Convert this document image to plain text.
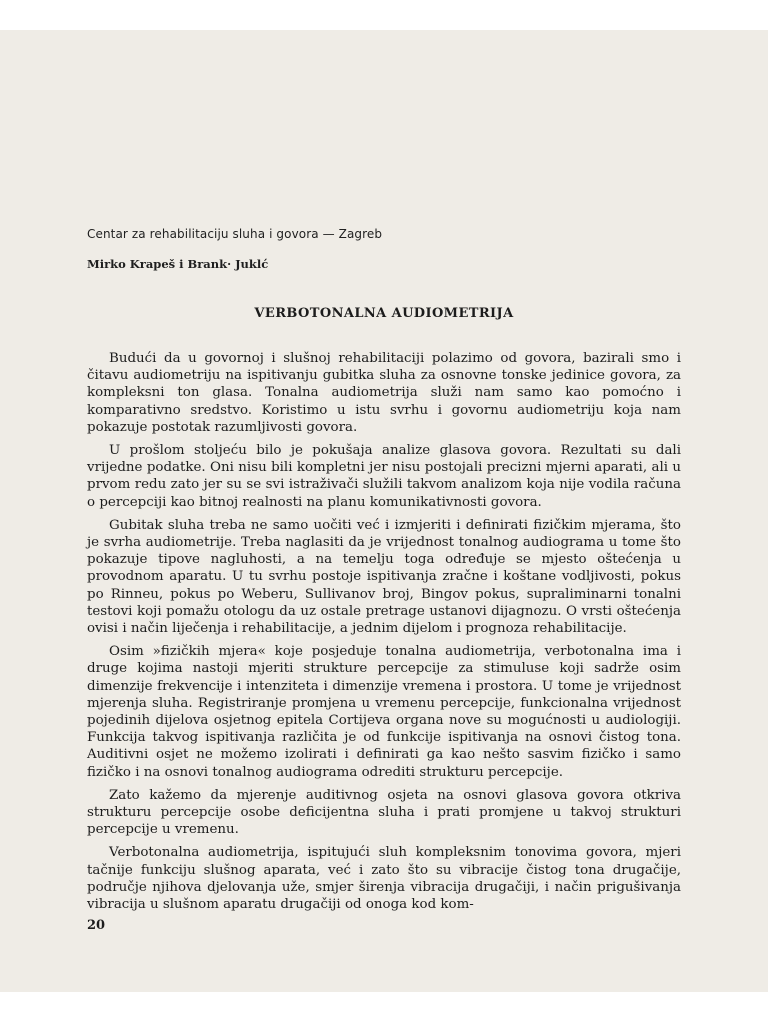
Centar za rehabilitaciju sluha i govora — Zagreb
Mirko Krapeš i Brank· Juklć
VERBOTONALNA AUDIOMETRIJA

Budući da u govornoj i slušnoj rehabilitaciji polazimo od govora, bazirali smo i čitavu audiometriju na ispitivanju gubitka sluha za osnovne tonske jedinice govora, za kompleksni ton glasa. Tonalna audiometrija služi nam samo kao pomoćno i komparativno sredstvo. Koristimo u istu svrhu i govornu audiometriju koja nam pokazuje postotak razumljivosti govora.

U prošlom stoljeću bilo je pokušaja analize glasova govora. Rezultati su dali vrijedne podatke. Oni nisu bili kompletni jer nisu postojali precizni mjerni aparati, ali u prvom redu zato jer su se svi istraživači služili takvom analizom koja nije vodila računa o percepciji kao bitnoj realnosti na planu komunikativnosti govora.

Gubitak sluha treba ne samo uočiti već i izmjeriti i definirati fizičkim mjerama, što je svrha audiometrije. Treba naglasiti da je vrijednost tonalnog audiograma u tome što pokazuje tipove nagluhosti, a na temelju toga određuje se mjesto oštećenja u provodnom aparatu. U tu svrhu postoje ispitivanja zračne i koštane vodljivosti, pokus po Rinneu, pokus po Weberu, Sullivanov broj, Bingov pokus, supraliminarni tonalni testovi koji pomažu otologu da uz ostale pretrage ustanovi dijagnozu. O vrsti oštećenja ovisi i način liječenja i rehabilitacije, a jednim dijelom i prognoza rehabilitacije.

Osim »fizičkih mjera« koje posjeduje tonalna audiometrija, verbotonalna ima i druge kojima nastoji mjeriti strukture percepcije za stimuluse koji sadrže osim dimenzije frekvencije i intenziteta i dimenzije vremena i prostora. U tome je vrijednost mjerenja sluha. Registriranje promjena u vremenu percepcije, funkcionalna vrijednost pojedinih dijelova osjetnog epitela Cortijeva organa nove su mogućnosti u audiologiji. Funkcija takvog ispitivanja različita je od funkcije ispitivanja na osnovi čistog tona. Auditivni osjet ne možemo izolirati i definirati ga kao nešto sasvim fizičko i samo fizičko i na osnovi tonalnog audiograma odrediti strukturu percepcije.

Zato kažemo da mjerenje auditivnog osjeta na osnovi glasova govora otkriva strukturu percepcije osobe deficijentna sluha i prati promjene u takvoj strukturi percepcije u vremenu.

Verbotonalna audiometrija, ispitujući sluh kompleksnim tonovima govora, mjeri tačnije funkciju slušnog aparata, već i zato što su vibracije čistog tona drugačije, područje njihova djelovanja uže, smjer širenja vibracija drugačiji, i način prigušivanja vibracija u slušnom aparatu drugačiji od onoga kod kom-

20
